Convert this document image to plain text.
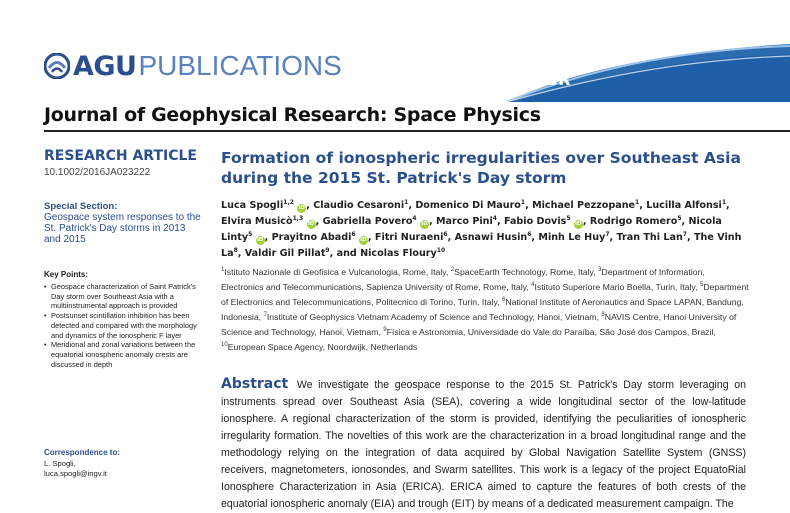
AGU PUBLICATIONS	JGR
Journal of Geophysical Research: Space Physics
RESEARCH ARTICLE
10.1002/2016JA023222
Special Section:
Geospace system responses to the St. Patrick's Day storms in 2013 and 2015
Key Points:
• Geospace characterization of Saint Patrick's Day storm over Southeast Asia with a multiinstrumental approach is provided
• Postsunset scintillation inhibition has been detected and compared with the morphology and dynamics of the ionospheric F layer
• Meridional and zonal variations between the equatorial ionospheric anomaly crests are discussed in depth
Correspondence to:
L. Spogli,
luca.spogli@ingv.it
Formation of ionospheric irregularities over Southeast Asia during the 2015 St. Patrick's Day storm
Luca Spogli$^{1,2}$ iD, Claudio Cesaroni$^1$, Domenico Di Mauro$^1$, Michael Pezzopane$^1$, Lucilla Alfonsi$^1$, Elvira Musicò$^{1,3}$ iD, Gabriella Povero$^4$ iD, Marco Pini$^4$, Fabio Dovis$^5$ iD, Rodrigo Romero$^5$, Nicola Linty$^5$ iD, Prayitno Abadi$^6$ iD, Fitri Nuraeni$^6$, Asnawi Husin$^6$, Minh Le Huy$^7$, Tran Thi Lan$^7$, The Vinh La$^8$, Valdir Gil Pillat$^9$, and Nicolas Floury$^{10}$
$^1$Istituto Nazionale di Geofisica e Vulcanologia, Rome, Italy, $^2$SpaceEarth Technology, Rome, Italy, $^3$Department of Information, Electronics and Telecommunications, Sapienza University of Rome, Rome, Italy, $^4$Istituto Superiore Mario Boella, Turin, Italy, $^5$Department of Electronics and Telecommunications, Politecnico di Torino, Turin, Italy, $^6$National Institute of Aeronautics and Space LAPAN, Bandung, Indonesia, $^7$Institute of Geophysics Vietnam Academy of Science and Technology, Hanoi, Vietnam, $^8$NAVIS Centre, Hanoi University of Science and Technology, Hanoi, Vietnam, $^9$Física e Astronomia, Universidade do Vale do Paraíba, São José dos Campos, Brazil, $^{10}$European Space Agency, Noordwijk, Netherlands
Abstract We investigate the geospace response to the 2015 St. Patrick's Day storm leveraging on instruments spread over Southeast Asia (SEA), covering a wide longitudinal sector of the low-latitude ionosphere. A regional characterization of the storm is provided, identifying the peculiarities of ionospheric irregularity formation. The novelties of this work are the characterization in a broad longitudinal range and the methodology relying on the integration of data acquired by Global Navigation Satellite System (GNSS) receivers, magnetometers, ionosondes, and Swarm satellites. This work is a legacy of the project EquatoRial Ionosphere Characterization in Asia (ERICA). ERICA aimed to capture the features of both crests of the equatorial ionospheric anomaly (EIA) and trough (EIT) by means of a dedicated measurement campaign. The
